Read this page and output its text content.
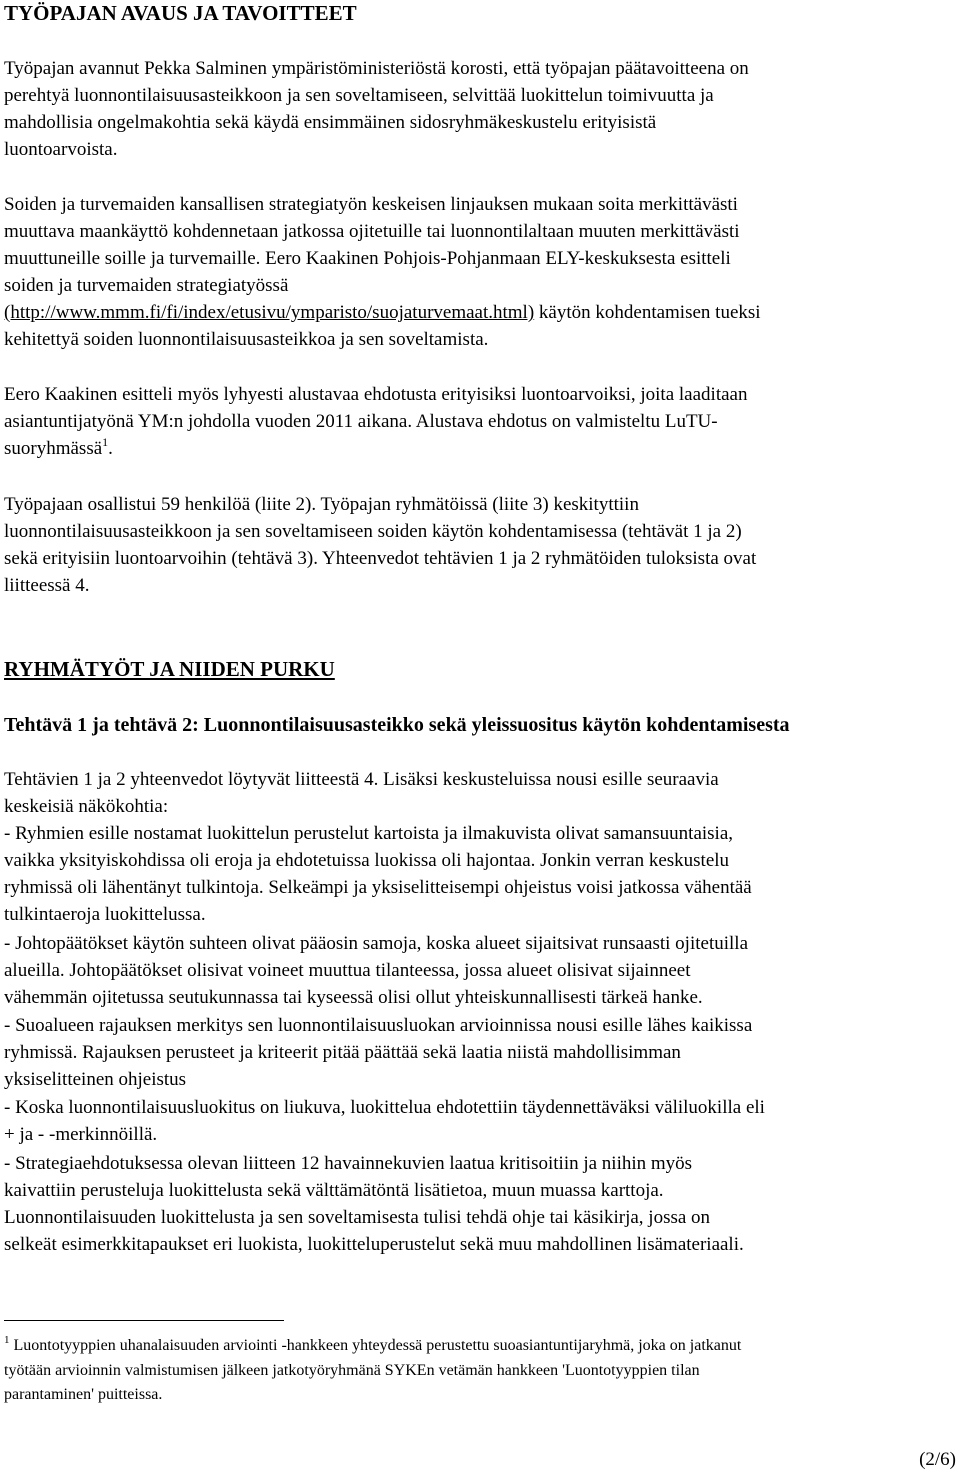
TYÖPAJAN AVAUS JA TAVOITTEET
Työpajan avannut Pekka Salminen ympäristöministeriöstä korosti, että työpajan päätavoitteena on
perehtyä luonnontilaisuusasteikkoon ja sen soveltamiseen, selvittää luokittelun toimivuutta ja
mahdollisia ongelmakohtia sekä käydä ensimmäinen sidosryhmäkeskustelu erityisistä
luontoarvoista.
Soiden ja turvemaiden kansallisen strategiatyön keskeisen linjauksen mukaan soita merkittävästi
muuttava maankäyttö kohdennetaan jatkossa ojitetuille tai luonnontilaltaan muuten merkittävästi
muuttuneille soille ja turvemaille. Eero Kaakinen Pohjois-Pohjanmaan ELY-keskuksesta esitteli
soiden ja turvemaiden strategiatyössä
(http://www.mmm.fi/fi/index/etusivu/ymparisto/suojaturvemaat.html) käytön kohdentamisen tueksi
kehitettyä soiden luonnontilaisuusasteikkoa ja sen soveltamista.
Eero Kaakinen esitteli myös lyhyesti alustavaa ehdotusta erityisiksi luontoarvoiksi, joita laaditaan
asiantuntijatyönä YM:n johdolla vuoden 2011 aikana. Alustava ehdotus on valmisteltu LuTU-
suoryhmässä$^1$.
Työpajaan osallistui 59 henkilöä (liite 2). Työpajan ryhmätöissä (liite 3) keskityttiin
luonnontilaisuusasteikkoon ja sen soveltamiseen soiden käytön kohdentamisessa (tehtävät 1 ja 2)
sekä erityisiin luontoarvoihin (tehtävä 3). Yhteenvedot tehtävien 1 ja 2 ryhmätöiden tuloksista ovat
liitteessä 4.
RYHMÄTYÖT JA NIIDEN PURKU
Tehtävä 1 ja tehtävä 2: Luonnontilaisuusasteikko sekä yleissuositus käytön kohdentamisesta
Tehtävien 1 ja 2 yhteenvedot löytyvät liitteestä 4. Lisäksi keskusteluissa nousi esille seuraavia
keskeisiä näkökohtia:
- Ryhmien esille nostamat luokittelun perustelut kartoista ja ilmakuvista olivat samansuuntaisia,
vaikka yksityiskohdissa oli eroja ja ehdotetuissa luokissa oli hajontaa. Jonkin verran keskustelu
ryhmissä oli lähentänyt tulkintoja. Selkeämpi ja yksiselitteisempi ohjeistus voisi jatkossa vähentää
tulkintaeroja luokittelussa.
- Johtopäätökset käytön suhteen olivat pääosin samoja, koska alueet sijaitsivat runsaasti ojitetuilla
alueilla. Johtopäätökset olisivat voineet muuttua tilanteessa, jossa alueet olisivat sijainneet
vähemmän ojitetussa seutukunnassa tai kyseessä olisi ollut yhteiskunnallisesti tärkeä hanke.
- Suoalueen rajauksen merkitys sen luonnontilaisuusluokan arvioinnissa nousi esille lähes kaikissa
ryhmissä. Rajauksen perusteet ja kriteerit pitää päättää sekä laatia niistä mahdollisimman
yksiselitteinen ohjeistus
- Koska luonnontilaisuusluokitus on liukuva, luokittelua ehdotettiin täydennettäväksi väliluokilla eli
+ ja - -merkinnöillä.
- Strategiaehdotuksessa olevan liitteen 12 havainnekuvien laatua kritisoitiin ja niihin myös
kaivattiin perusteluja luokittelusta sekä välttämätöntä lisätietoa, muun muassa karttoja.
Luonnontilaisuuden luokittelusta ja sen soveltamisesta tulisi tehdä ohje tai käsikirja, jossa on
selkeät esimerkkitapaukset eri luokista, luokitteluperustelut sekä muu mahdollinen lisämateriaali.
$^1$ Luontotyyppien uhanalaisuuden arviointi -hankkeen yhteydessä perustettu suoasiantuntijaryhmä, joka on jatkanut
työtään arvioinnin valmistumisen jälkeen jatkotyöryhmänä SYKEn vetämän hankkeen 'Luontotyyppien tilan
parantaminen' puitteissa.
(2/6)
